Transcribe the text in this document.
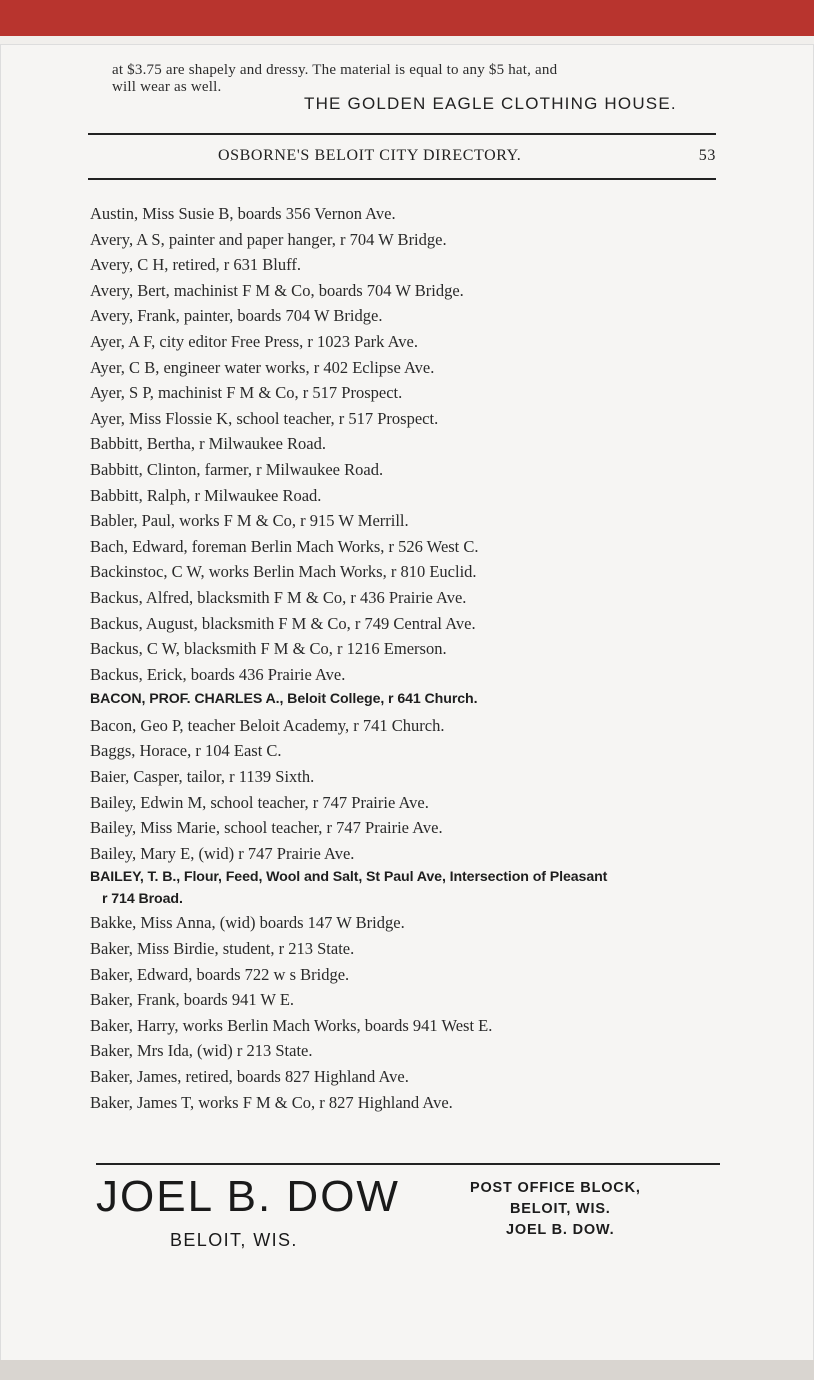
at $3.75 are shapely and dressy. The material is equal to any $5 hat, and
will wear as well.
THE GOLDEN EAGLE CLOTHING HOUSE.
OSBORNE'S BELOIT CITY DIRECTORY.	53
Austin, Miss Susie B, boards 356 Vernon Ave.
Avery, A S, painter and paper hanger, r 704 W Bridge.
Avery, C H, retired, r 631 Bluff.
Avery, Bert, machinist F M & Co, boards 704 W Bridge.
Avery, Frank, painter, boards 704 W Bridge.
Ayer, A F, city editor Free Press, r 1023 Park Ave.
Ayer, C B, engineer water works, r 402 Eclipse Ave.
Ayer, S P, machinist F M & Co, r 517 Prospect.
Ayer, Miss Flossie K, school teacher, r 517 Prospect.
Babbitt, Bertha, r Milwaukee Road.
Babbitt, Clinton, farmer, r Milwaukee Road.
Babbitt, Ralph, r Milwaukee Road.
Babler, Paul, works F M & Co, r 915 W Merrill.
Bach, Edward, foreman Berlin Mach Works, r 526 West C.
Backinstoc, C W, works Berlin Mach Works, r 810 Euclid.
Backus, Alfred, blacksmith F M & Co, r 436 Prairie Ave.
Backus, August, blacksmith F M & Co, r 749 Central Ave.
Backus, C W, blacksmith F M & Co, r 1216 Emerson.
Backus, Erick, boards 436 Prairie Ave.
BACON, PROF. CHARLES A., Beloit College, r 641 Church.
Bacon, Geo P, teacher Beloit Academy, r 741 Church.
Baggs, Horace, r 104 East C.
Baier, Casper, tailor, r 1139 Sixth.
Bailey, Edwin M, school teacher, r 747 Prairie Ave.
Bailey, Miss Marie, school teacher, r 747 Prairie Ave.
Bailey, Mary E, (wid) r 747 Prairie Ave.
BAILEY, T. B., Flour, Feed, Wool and Salt, St Paul Ave, Intersection of Pleasant
r 714 Broad.
Bakke, Miss Anna, (wid) boards 147 W Bridge.
Baker, Miss Birdie, student, r 213 State.
Baker, Edward, boards 722 w s Bridge.
Baker, Frank, boards 941 W E.
Baker, Harry, works Berlin Mach Works, boards 941 West E.
Baker, Mrs Ida, (wid) r 213 State.
Baker, James, retired, boards 827 Highland Ave.
Baker, James T, works F M & Co, r 827 Highland Ave.
JOEL B. DOW
BELOIT, WIS.
POST OFFICE BLOCK,
BELOIT, WIS.
JOEL B. DOW.
